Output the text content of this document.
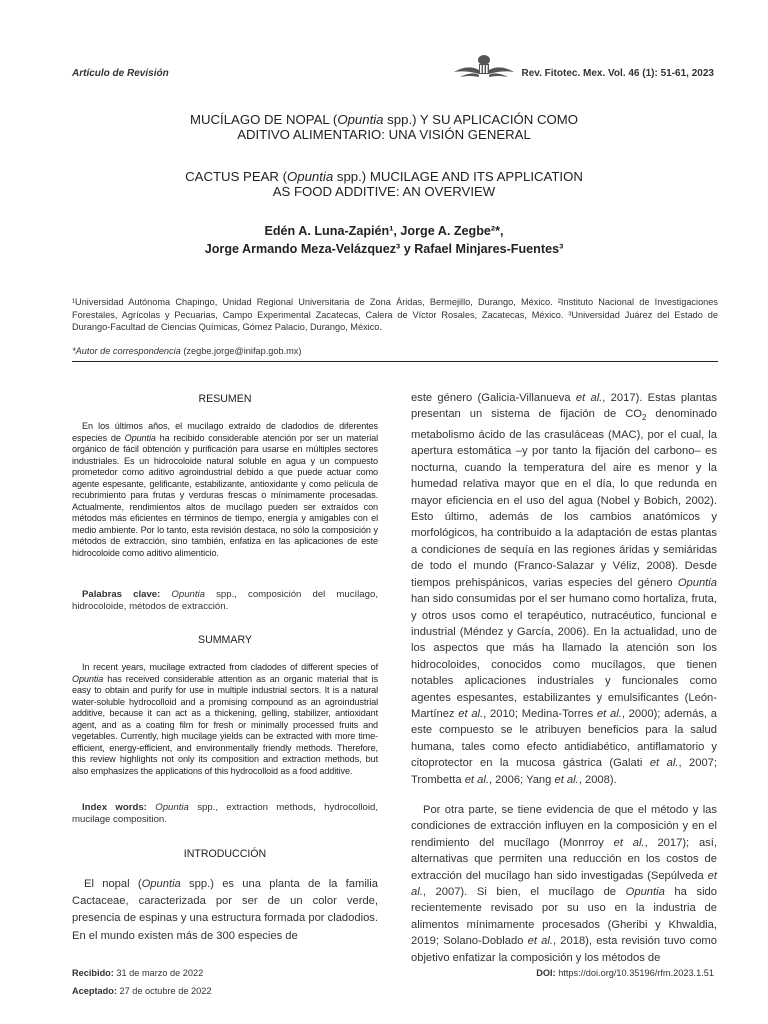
Artículo de Revisión	Rev. Fitotec. Mex. Vol. 46 (1): 51-61, 2023
MUCÍLAGO DE NOPAL (Opuntia spp.) Y SU APLICACIÓN COMO
ADITIVO ALIMENTARIO: UNA VISIÓN GENERAL
CACTUS PEAR (Opuntia spp.) MUCILAGE AND ITS APPLICATION
AS FOOD ADDITIVE: AN OVERVIEW
Edén A. Luna-Zapién¹, Jorge A. Zegbe²*,
Jorge Armando Meza-Velázquez³ y Rafael Minjares-Fuentes³
¹Universidad Autónoma Chapingo, Unidad Regional Universitaria de Zona Áridas, Bermejillo, Durango, México. ²Instituto Nacional de Investigaciones Forestales, Agrícolas y Pecuarias, Campo Experimental Zacatecas, Calera de Víctor Rosales, Zacatecas, México. ³Universidad Juárez del Estado de Durango-Facultad de Ciencias Químicas, Gómez Palacio, Durango, México.
*Autor de correspondencia (zegbe.jorge@inifap.gob.mx)
RESUMEN

En los últimos años, el mucílago extraído de cladodios de diferentes especies de Opuntia ha recibido considerable atención por ser un material orgánico de fácil obtención y purificación para usarse en múltiples sectores industriales. Es un hidrocoloide natural soluble en agua y un compuesto prometedor como aditivo agroindustrial debido a que puede actuar como agente espesante, gelificante, estabilizante, antioxidante y como película de recubrimiento para frutas y verduras frescas o mínimamente procesadas. Actualmente, rendimientos altos de mucílago pueden ser extraídos con métodos más eficientes en términos de tiempo, energía y amigables con el medio ambiente. Por lo tanto, esta revisión destaca, no sólo la composición y métodos de extracción, sino también, enfatiza en las aplicaciones de este hidrocoloide como aditivo alimenticio.

Palabras clave: Opuntia spp., composición del mucílago, hidrocoloide, métodos de extracción.

SUMMARY

In recent years, mucilage extracted from cladodes of different species of Opuntia has received considerable attention as an organic material that is easy to obtain and purify for use in multiple industrial sectors. It is a natural water-soluble hydrocolloid and a promising compound as an agroindustrial additive, because it can act as a thickening, gelling, stabilizer, antioxidant agent, and as a coating film for fresh or minimally processed fruits and vegetables. Currently, high mucilage yields can be extracted with more time-efficient, energy-efficient, and environmentally friendly methods. Therefore, this review highlights not only its composition and extraction methods, but also emphasizes the applications of this hydrocolloid as a food additive.

Index words: Opuntia spp., extraction methods, hydrocolloid, mucilage composition.

INTRODUCCIÓN

El nopal (Opuntia spp.) es una planta de la familia Cactaceae, caracterizada por ser de un color verde, presencia de espinas y una estructura formada por cladodios. En el mundo existen más de 300 especies de

este género (Galicia-Villanueva et al., 2017). Estas plantas presentan un sistema de fijación de $CO_2$ denominado metabolismo ácido de las crasuláceas (MAC), por el cual, la apertura estomática –y por tanto la fijación del carbono– es nocturna, cuando la temperatura del aire es menor y la humedad relativa mayor que en el día, lo que redunda en mayor eficiencia en el uso del agua (Nobel y Bobich, 2002). Esto último, además de los cambios anatómicos y morfológicos, ha contribuido a la adaptación de estas plantas a condiciones de sequía en las regiones áridas y semiáridas de todo el mundo (Franco-Salazar y Véliz, 2008). Desde tiempos prehispánicos, varias especies del género Opuntia han sido consumidas por el ser humano como hortaliza, fruta, y otros usos como el terapéutico, nutracéutico, funcional e industrial (Méndez y García, 2006). En la actualidad, uno de los aspectos que más ha llamado la atención son los hidrocoloides, conocidos como mucílagos, que tienen notables aplicaciones industriales y funcionales como agentes espesantes, estabilizantes y emulsificantes (León-Martínez et al., 2010; Medina-Torres et al., 2000); además, a este compuesto se le atribuyen beneficios para la salud humana, tales como efecto antidiabético, antiflamatorio y citoprotector en la mucosa gástrica (Galati et al., 2007; Trombetta et al., 2006; Yang et al., 2008).

Por otra parte, se tiene evidencia de que el método y las condiciones de extracción influyen en la composición y en el rendimiento del mucílago (Monrroy et al., 2017); así, alternativas que permiten una reducción en los costos de extracción del mucílago han sido investigadas (Sepúlveda et al., 2007). Si bien, el mucílago de Opuntia ha sido recientemente revisado por su uso en la industria de alimentos mínimamente procesados (Gheribi y Khwaldia, 2019; Solano-Doblado et al., 2018), esta revisión tuvo como objetivo enfatizar la composición y los métodos de

Recibido: 31 de marzo de 2022
Aceptado: 27 de octubre de 2022
DOI: https://doi.org/10.35196/rfm.2023.1.51
